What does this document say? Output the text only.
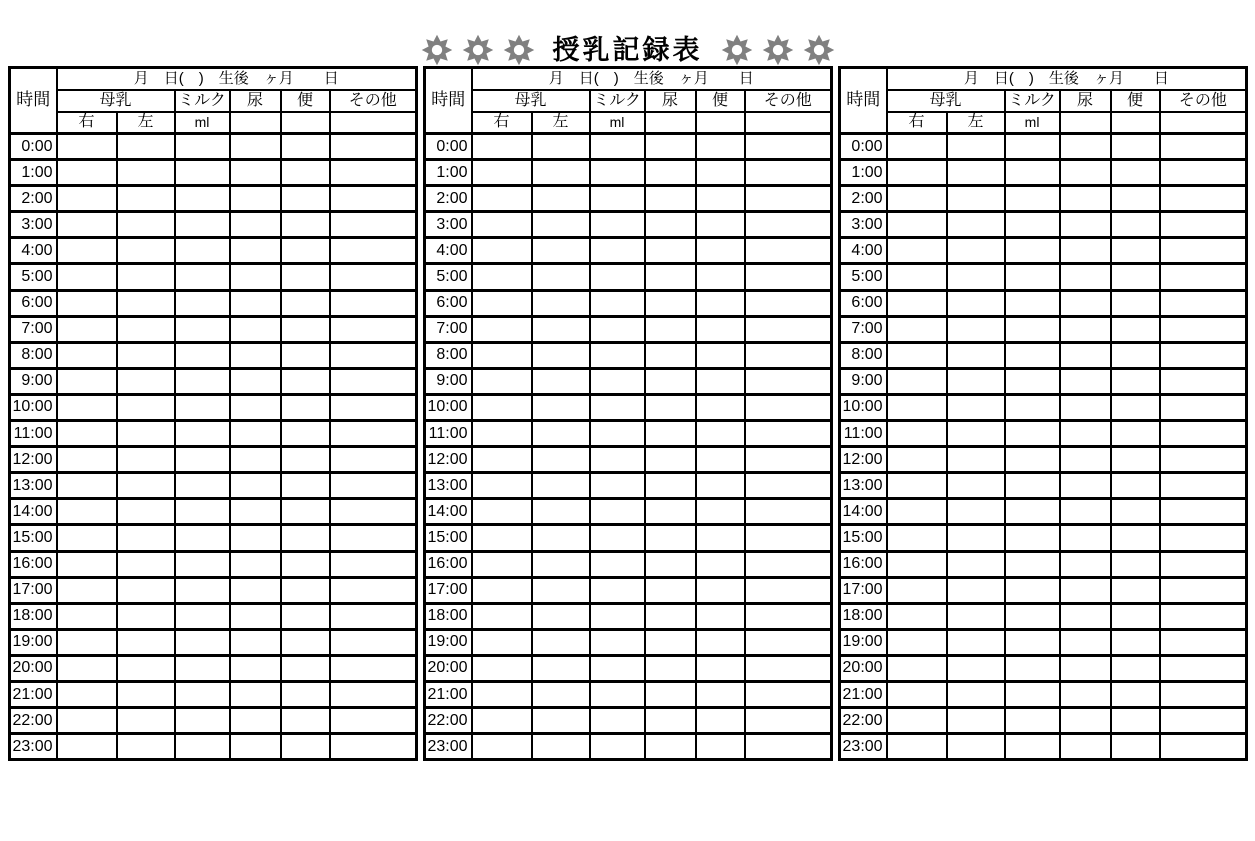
授乳記録表
時間	月　日(　)　生後　ヶ月　　日					
	母乳		ミルク	尿	便	その他
	右	左	ml			
0:00						
1:00						
2:00						
3:00						
4:00						
5:00						
6:00						
7:00						
8:00						
9:00						
10:00						
11:00						
12:00						
13:00						
14:00						
15:00						
16:00						
17:00						
18:00						
19:00						
20:00						
21:00						
22:00						
23:00						
時間	月　日(　)　生後　ヶ月　　日					
	母乳		ミルク	尿	便	その他
	右	左	ml			
0:00						
1:00						
2:00						
3:00						
4:00						
5:00						
6:00						
7:00						
8:00						
9:00						
10:00						
11:00						
12:00						
13:00						
14:00						
15:00						
16:00						
17:00						
18:00						
19:00						
20:00						
21:00						
22:00						
23:00						
時間	月　日(　)　生後　ヶ月　　日					
	母乳		ミルク	尿	便	その他
	右	左	ml			
0:00						
1:00						
2:00						
3:00						
4:00						
5:00						
6:00						
7:00						
8:00						
9:00						
10:00						
11:00						
12:00						
13:00						
14:00						
15:00						
16:00						
17:00						
18:00						
19:00						
20:00						
21:00						
22:00						
23:00						
